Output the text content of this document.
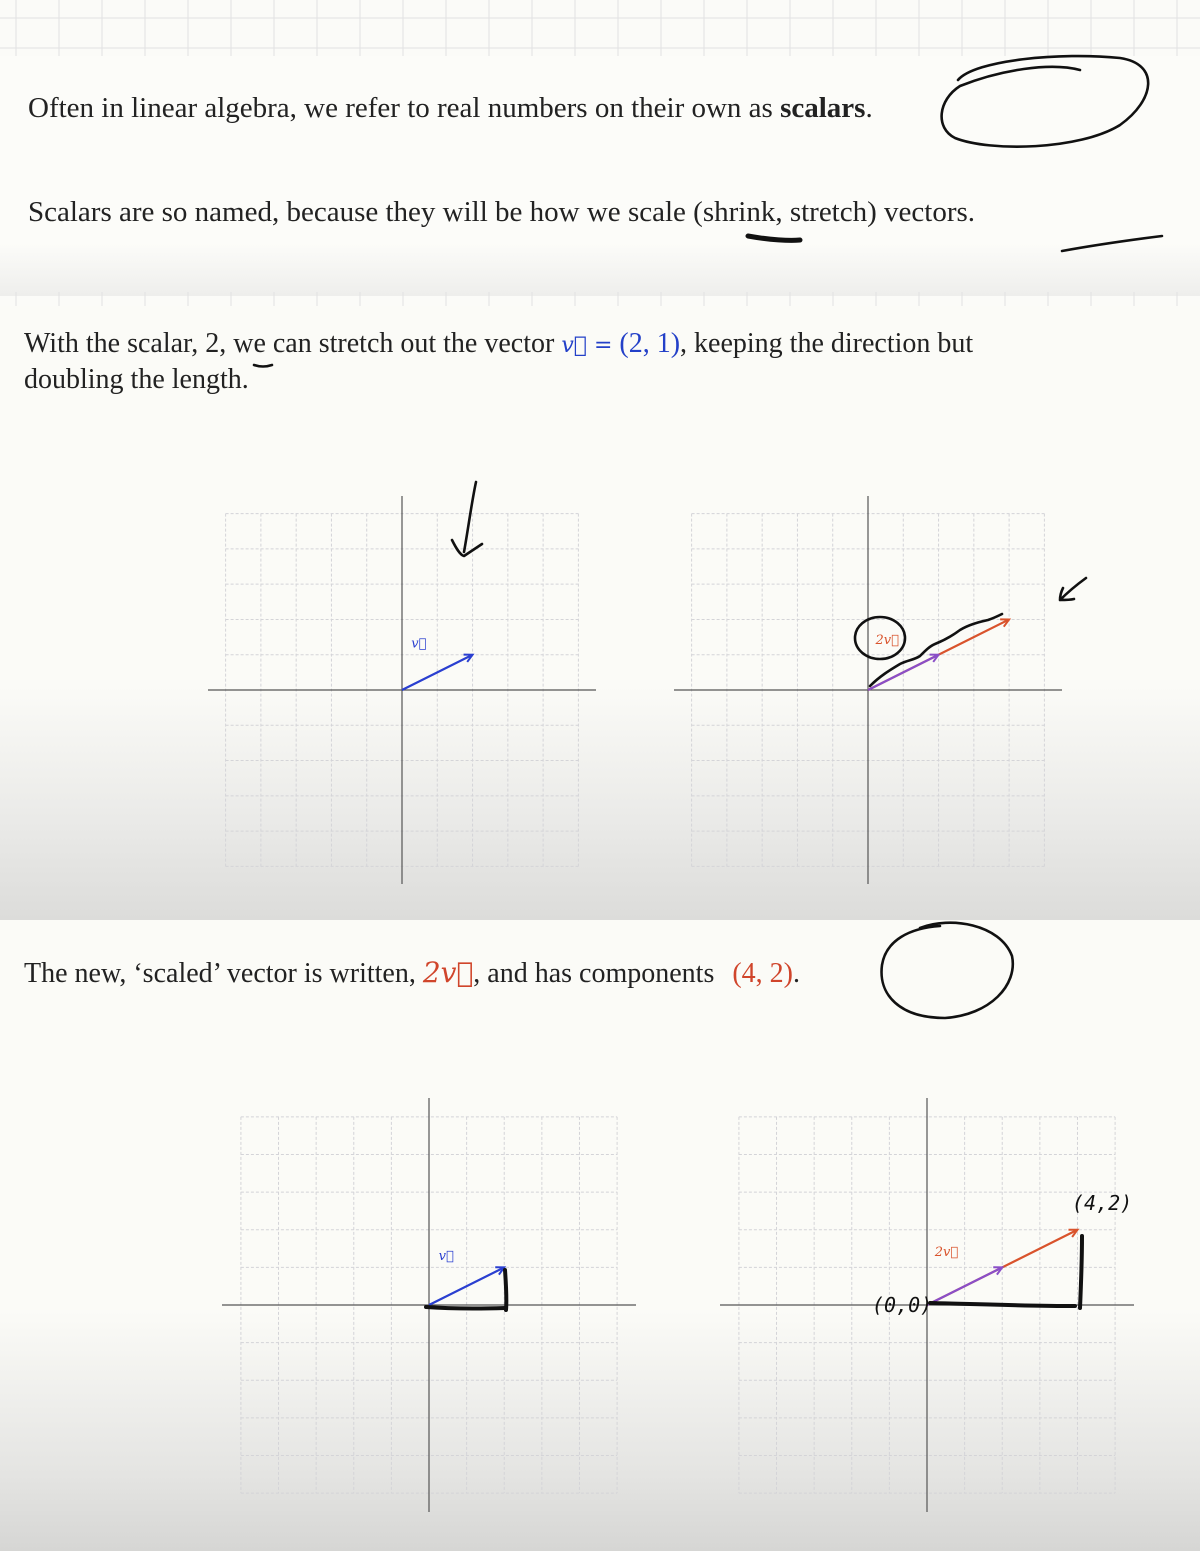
Often in linear algebra, we refer to real numbers on their own as scalars.
Scalars are so named, because they will be how we scale (shrink, stretch) vectors.
With the scalar, 2, we can stretch out the vector v⃗ = (2, 1), keeping the direction but
doubling the length.
The new, ‘scaled’ vector is written, 2v⃗, and has components (4, 2).
v⃗	2v⃗
v⃗	2v⃗
(0,0)
(4,2)
